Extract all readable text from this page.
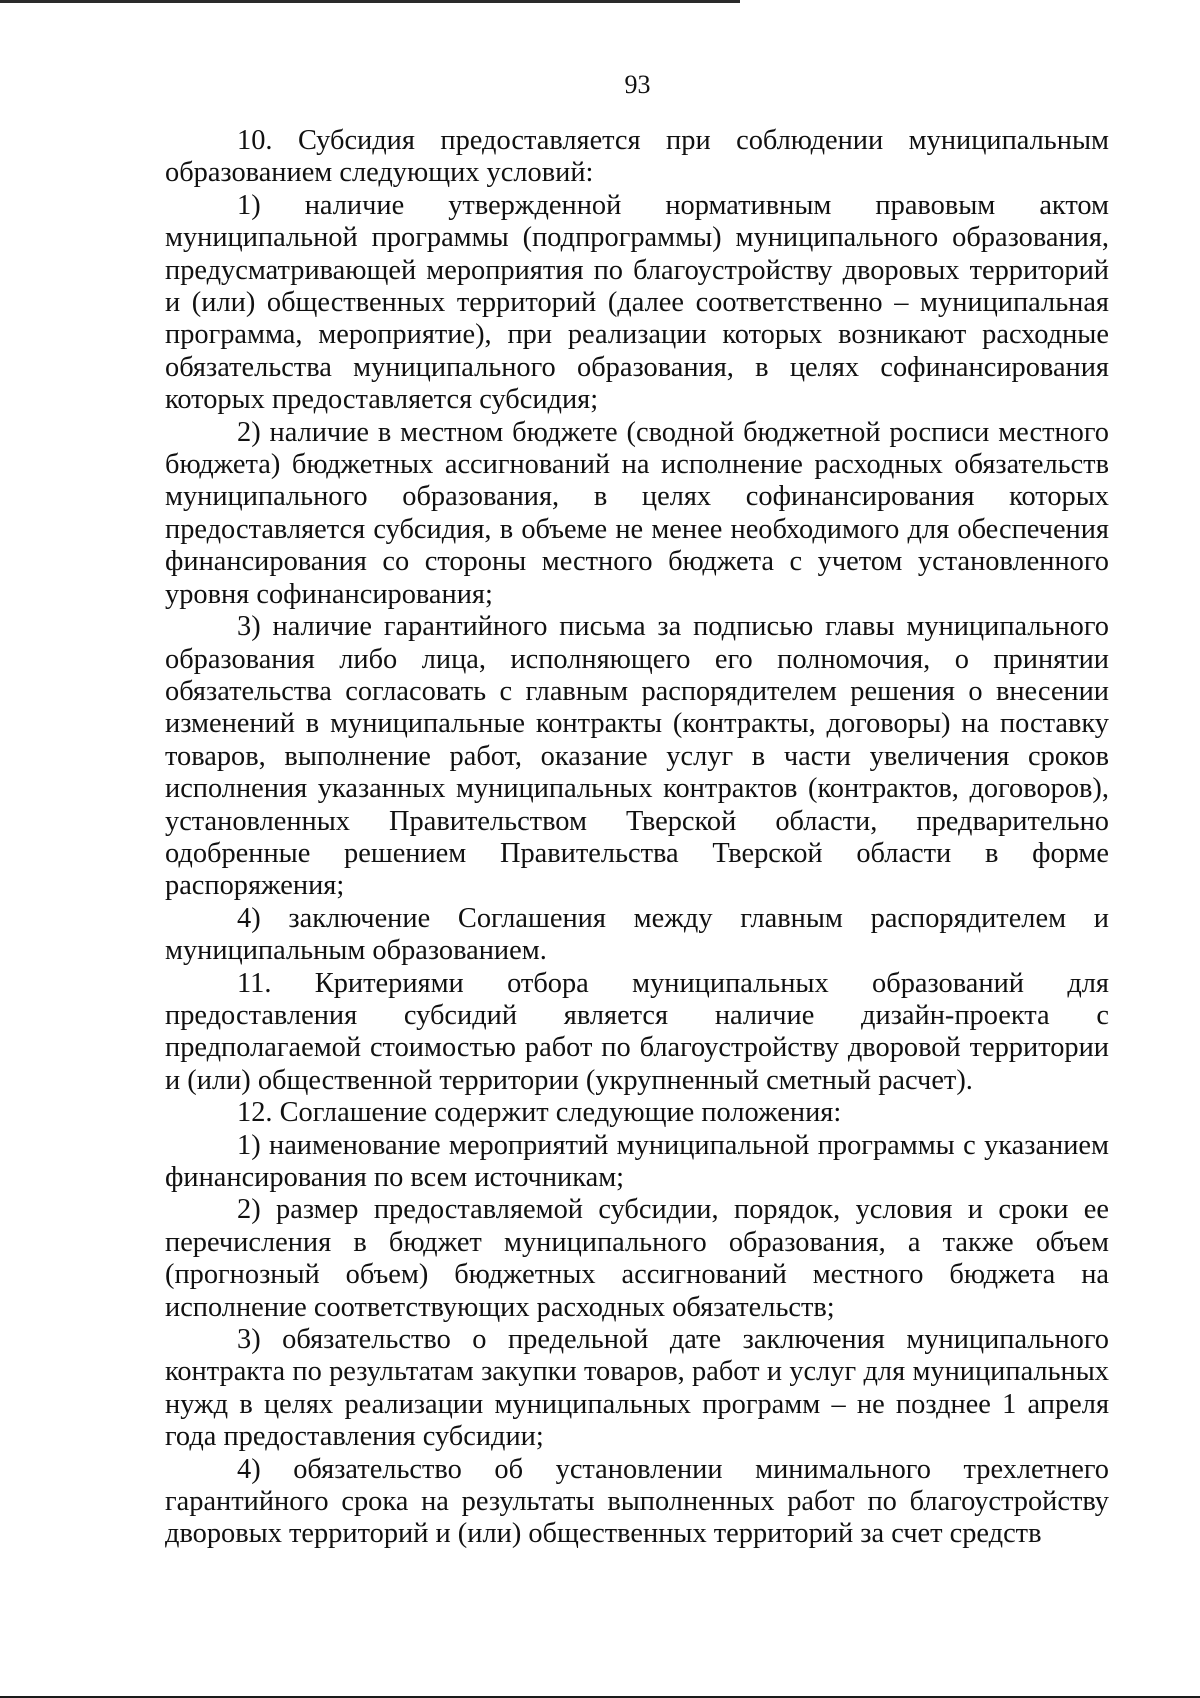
93

10. Субсидия предоставляется при соблюдении муниципальным образованием следующих условий:

1) наличие утвержденной нормативным правовым актом муниципальной программы (подпрограммы) муниципального образования, предусматривающей мероприятия по благоустройству дворовых территорий и (или) общественных территорий (далее соответственно – муниципальная программа, мероприятие), при реализации которых возникают расходные обязательства муниципального образования, в целях софинансирования которых предоставляется субсидия;

2) наличие в местном бюджете (сводной бюджетной росписи местного бюджета) бюджетных ассигнований на исполнение расходных обязательств муниципального образования, в целях софинансирования которых предоставляется субсидия, в объеме не менее необходимого для обеспечения финансирования со стороны местного бюджета с учетом установленного уровня софинансирования;

3) наличие гарантийного письма за подписью главы муниципального образования либо лица, исполняющего его полномочия, о принятии обязательства согласовать с главным распорядителем решения о внесении изменений в муниципальные контракты (контракты, договоры) на поставку товаров, выполнение работ, оказание услуг в части увеличения сроков исполнения указанных муниципальных контрактов (контрактов, договоров), установленных Правительством Тверской области, предварительно одобренные решением Правительства Тверской области в форме распоряжения;

4) заключение Соглашения между главным распорядителем и муниципальным образованием.

11. Критериями отбора муниципальных образований для предоставления субсидий является наличие дизайн-проекта с предполагаемой стоимостью работ по благоустройству дворовой территории и (или) общественной территории (укрупненный сметный расчет).

12. Соглашение содержит следующие положения:

1) наименование мероприятий муниципальной программы с указанием финансирования по всем источникам;

2) размер предоставляемой субсидии, порядок, условия и сроки ее перечисления в бюджет муниципального образования, а также объем (прогнозный объем) бюджетных ассигнований местного бюджета на исполнение соответствующих расходных обязательств;

3) обязательство о предельной дате заключения муниципального контракта по результатам закупки товаров, работ и услуг для муниципальных нужд в целях реализации муниципальных программ – не позднее 1 апреля года предоставления субсидии;

4) обязательство об установлении минимального трехлетнего гарантийного срока на результаты выполненных работ по благоустройству дворовых территорий и (или) общественных территорий за счет средств
